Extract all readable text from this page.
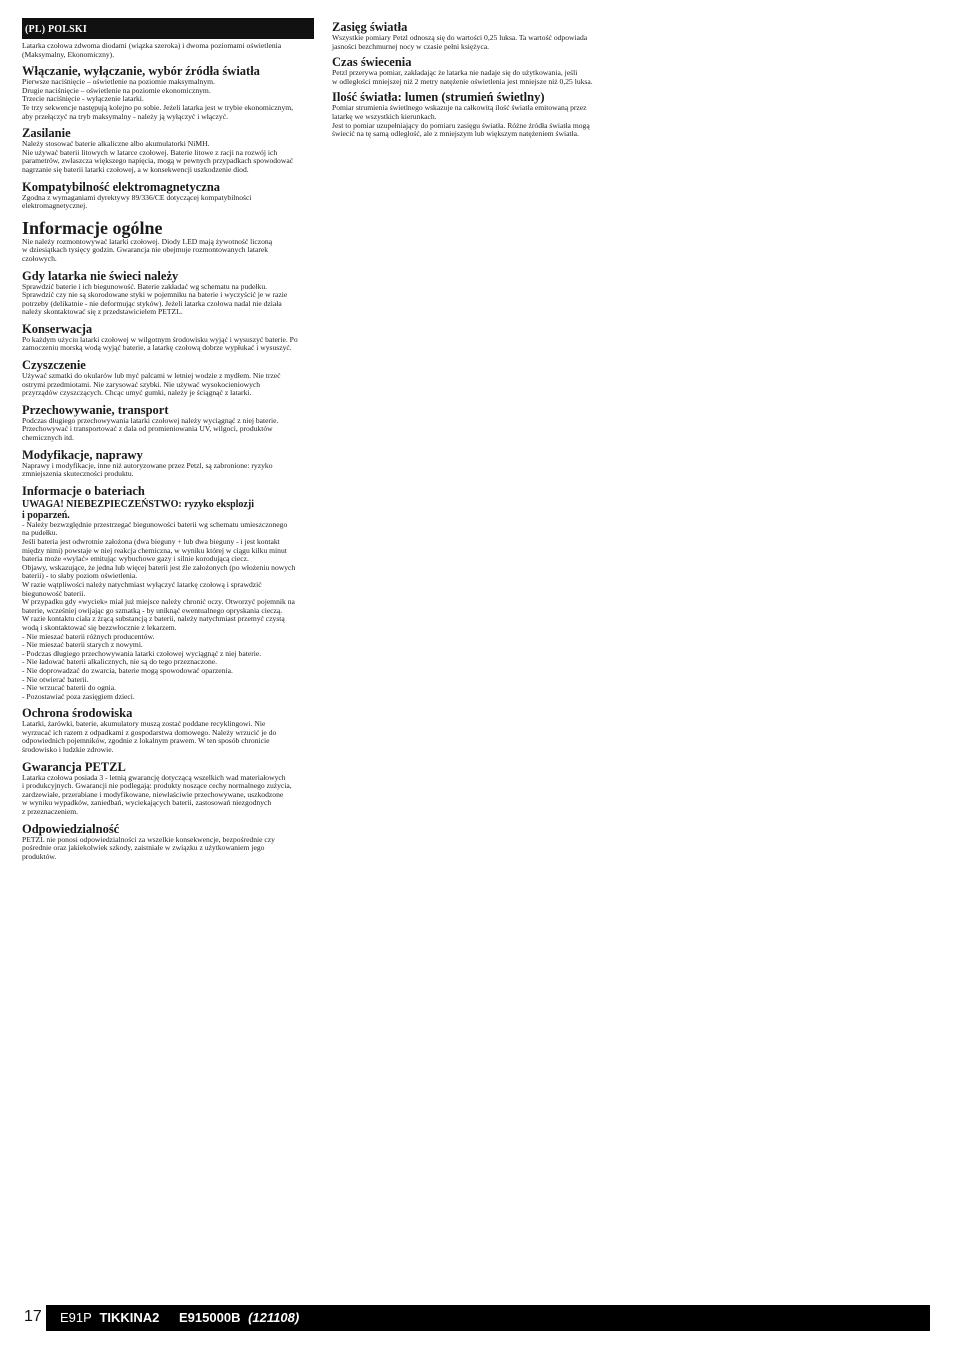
(PL) POLSKI

Latarka czołowa zdwoma diodami (wiązka szeroka) i dwoma poziomami oświetlenia
(Maksymalny, Ekonomiczny).

Włączanie, wyłączanie, wybór źródła światła

Pierwsze naciśnięcie – oświetlenie na poziomie maksymalnym.
Drugie naciśnięcie – oświetlenie na poziomie ekonomicznym.
Trzecie naciśnięcie - wyłączenie latarki.
Te trzy sekwencje następują kolejno po sobie. Jeżeli latarka jest w trybie ekonomicznym,
aby przełączyć na tryb maksymalny - należy ją wyłączyć i włączyć.

Zasilanie

Należy stosować baterie alkaliczne albo akumulatorki NiMH.
Nie używać baterii litowych w latarce czołowej. Baterie litowe z racji na rozwój ich
parametrów, zwłaszcza większego napięcia, mogą w pewnych przypadkach spowodować
nagrzanie się baterii latarki czołowej, a w konsekwencji uszkodzenie diod.

Kompatybilność elektromagnetyczna

Zgodna z wymaganiami dyrektywy 89/336/CE dotyczącej kompatybilności
elektromagnetycznej.

Informacje ogólne

Nie należy rozmontowywać latarki czołowej. Diody LED mają żywotność liczoną
w dziesiątkach tysięcy godzin. Gwarancja nie obejmuje rozmontowanych latarek
czołowych.

Gdy latarka nie świeci należy

Sprawdzić baterie i ich biegunowość. Baterie zakładać wg schematu na pudełku.
Sprawdzić czy nie są skorodowane styki w pojemniku na baterie i wyczyścić je w razie
potrzeby (delikatnie - nie deformując styków). Jeżeli latarka czołowa nadal nie działa
należy skontaktować się z przedstawicielem PETZL.

Konserwacja

Po każdym użyciu latarki czołowej w wilgotnym środowisku wyjąć i wysuszyć baterie. Po
zamoczeniu morską wodą wyjąć baterie, a latarkę czołową dobrze wypłukać i wysuszyć.

Czyszczenie

Używać szmatki do okularów lub myć palcami w letniej wodzie z mydłem. Nie trzeć
ostrymi przedmiotami. Nie zarysować szybki. Nie używać wysokocieniowych
przyrządów czyszczących. Chcąc umyć gumki, należy je ściągnąć z latarki.

Przechowywanie, transport

Podczas długiego przechowywania latarki czołowej należy wyciągnąć z niej baterie.
Przechowywać i transportować z dala od promieniowania UV, wilgoci, produktów
chemicznych itd.

Modyfikacje, naprawy

Naprawy i modyfikacje, inne niż autoryzowane przez Petzl, są zabronione: ryzyko
zmniejszenia skuteczności produktu.

Informacje o bateriach
UWAGA! NIEBEZPIECZEŃSTWO: ryzyko eksplozji
i poparzeń.

- Należy bezwzględnie przestrzegać biegunowości baterii wg schematu umieszczonego
na pudełku.
Jeśli bateria jest odwrotnie założona (dwa bieguny + lub dwa bieguny - i jest kontakt
między nimi) powstaje w niej reakcja chemiczna, w wyniku której w ciągu kilku minut
bateria może «wylać» emitując wybuchowe gazy i silnie korodującą ciecz.
Objawy, wskazujące, że jedna lub więcej baterii jest źle założonych (po włożeniu nowych
baterii) - to słaby poziom oświetlenia.
W razie wątpliwości należy natychmiast wyłączyć latarkę czołową i sprawdzić
biegunowość baterii.
W przypadku gdy «wyciek» miał już miejsce należy chronić oczy. Otworzyć pojemnik na
baterie, wcześniej owijając go szmatką - by uniknąć ewentualnego opryskania cieczą.
W razie kontaktu ciała z żrącą substancją z baterii, należy natychmiast przemyć czystą
wodą i skontaktować się bezzwłocznie z lekarzem.
- Nie mieszać baterii różnych producentów.
- Nie mieszać baterii starych z nowymi.
- Podczas długiego przechowywania latarki czołowej wyciągnąć z niej baterie.
- Nie ładować baterii alkalicznych, nie są do tego przeznaczone.
- Nie doprowadzać do zwarcia, baterie mogą spowodować oparzenia.
- Nie otwierać baterii.
- Nie wrzucać baterii do ognia.
- Pozostawiać poza zasięgiem dzieci.

Ochrona środowiska

Latarki, żarówki, baterie, akumulatory muszą zostać poddane recyklingowi. Nie
wyrzucać ich razem z odpadkami z gospodarstwa domowego. Należy wrzucić je do
odpowiednich pojemników, zgodnie z lokalnym prawem. W ten sposób chronicie
środowisko i ludzkie zdrowie.

Gwarancja PETZL

Latarka czołowa posiada 3 - letnią gwarancję dotyczącą wszelkich wad materiałowych
i produkcyjnych. Gwarancji nie podlegają: produkty noszące cechy normalnego zużycia,
zardzewiałe, przerabiane i modyfikowane, niewłaściwie przechowywane, uszkodzone
w wyniku wypadków, zaniedbań, wyciekających baterii, zastosowań niezgodnych
z przeznaczeniem.

Odpowiedzialność

PETZL nie ponosi odpowiedzialności za wszelkie konsekwencje, bezpośrednie czy
pośrednie oraz jakiekolwiek szkody, zaistniałe w związku z użytkowaniem jego
produktów.

Zasięg światła

Wszystkie pomiary Petzl odnoszą się do wartości 0,25 luksa. Ta wartość odpowiada
jasności bezchmurnej nocy w czasie pełni księżyca.

Czas świecenia

Petzl przerywa pomiar, zakładając że latarka nie nadaje się do użytkowania, jeśli
w odległości mniejszej niż 2 metry natężenie oświetlenia jest mniejsze niż 0,25 luksa.

Ilość światła: lumen (strumień świetlny)

Pomiar strumienia świetlnego wskazuje na całkowitą ilość światła emitowaną przez
latarkę we wszystkich kierunkach.
Jest to pomiar uzupełniający do pomiaru zasięgu światła. Różne źródła światła mogą
świecić na tę samą odległość, ale z mniejszym lub większym natężeniem światła.

17	E91P TIKKINA2 E915000B (121108)
